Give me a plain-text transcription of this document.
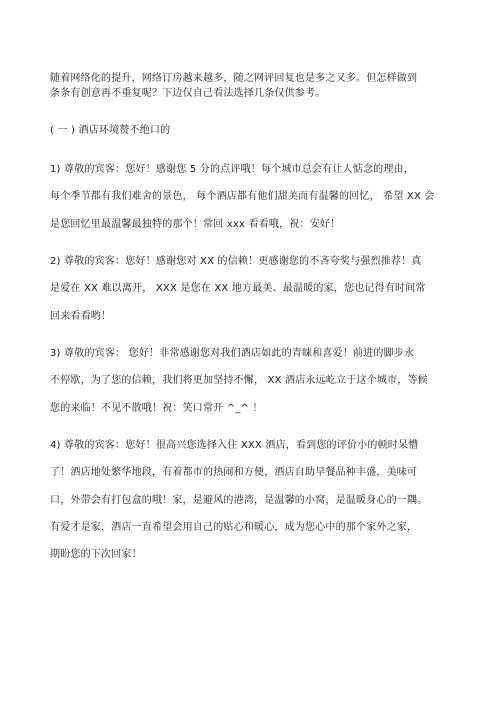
随着网络化的提升，网络订房越来越多，随之网评回复也是多之又多。但怎样做到

条条有创意再不重复呢？下边仅自己看法选择几条仅供参考。

( 一 ) 酒店环境赞不绝口的

1) 尊敬的宾客：您好！感谢您 5 分的点评哦！每个城市总会有让人惦念的理由，

每个季节都有我们难舍的景色， 每个酒店都有他们甜美而有温馨的回忆， 希望 XX 会

是您回忆里最温馨最独特的那个！常回 xxx 看看哦，祝：安好！

2) 尊敬的宾客：您好！感谢您对 XX 的信赖！更感谢您的不吝夸奖与强烈推荐！真

是爱在 XX 难以离开， XXX 是您在 XX 地方最美、最温暖的家，您也记得有时间常

回来看看哟！

3) 尊敬的宾客： 您好！非常感谢您对我们酒店如此的青睐和喜爱！前进的脚步永

不停歇，为了您的信赖，我们将更加坚持不懈， XX 酒店永远屹立于这个城市，等候

您的来临！不见不散哦！祝：笑口常开 ^_^ ！

4) 尊敬的宾客：您好！很高兴您选择入住 XXX 酒店，看到您的评价小的顿时呆懵

了！酒店地处繁华地段，有着都市的热闹和方便，酒店自助早餐品种丰盛，美味可

口，外带会有打包盒的哦！家，是避风的港湾，是温馨的小窝，是温暖身心的一隅。

有爱才是家，酒店一直希望会用自己的贴心和暖心，成为您心中的那个家外之家，

期盼您的下次回家！
